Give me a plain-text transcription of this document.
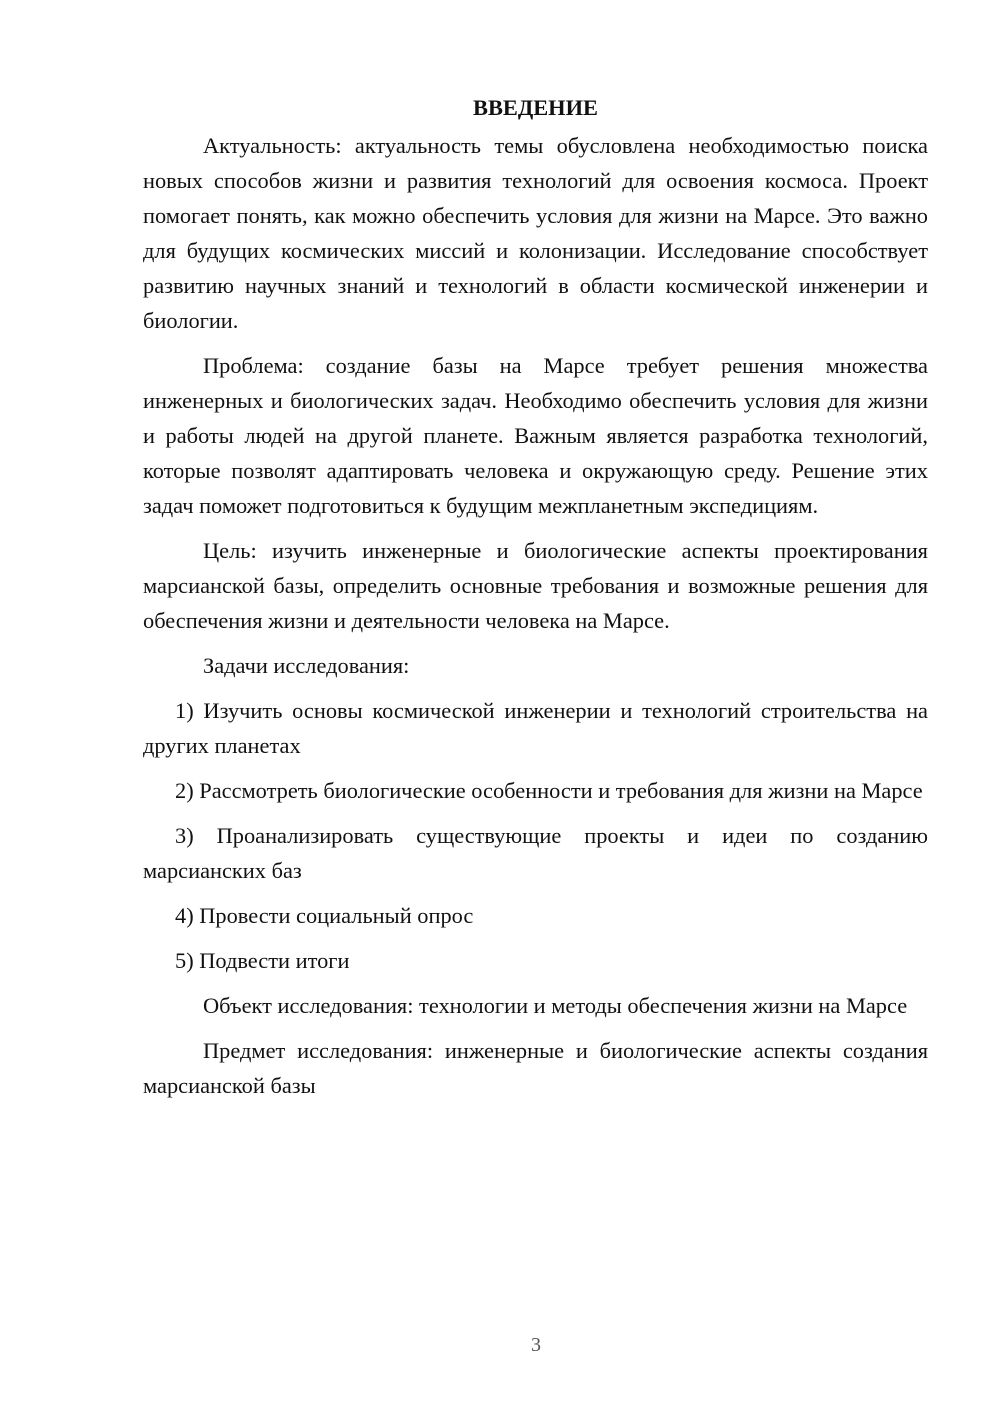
ВВЕДЕНИЕ

Актуальность: актуальность темы обусловлена необходимостью поиска новых способов жизни и развития технологий для освоения космоса. Проект помогает понять, как можно обеспечить условия для жизни на Марсе. Это важно для будущих космических миссий и колонизации. Исследование способствует развитию научных знаний и технологий в области космической инженерии и биологии.

Проблема: создание базы на Марсе требует решения множества инженерных и биологических задач. Необходимо обеспечить условия для жизни и работы людей на другой планете. Важным является разработка технологий, которые позволят адаптировать человека и окружающую среду. Решение этих задач поможет подготовиться к будущим межпланетным экспедициям.

Цель: изучить инженерные и биологические аспекты проектирования марсианской базы, определить основные требования и возможные решения для обеспечения жизни и деятельности человека на Марсе.

Задачи исследования:

1) Изучить основы космической инженерии и технологий строительства на других планетах

2) Рассмотреть биологические особенности и требования для жизни на Марсе

3) Проанализировать существующие проекты и идеи по созданию марсианских баз

4) Провести социальный опрос

5) Подвести итоги

Объект исследования: технологии и методы обеспечения жизни на Марсе

Предмет исследования: инженерные и биологические аспекты создания марсианской базы

3
